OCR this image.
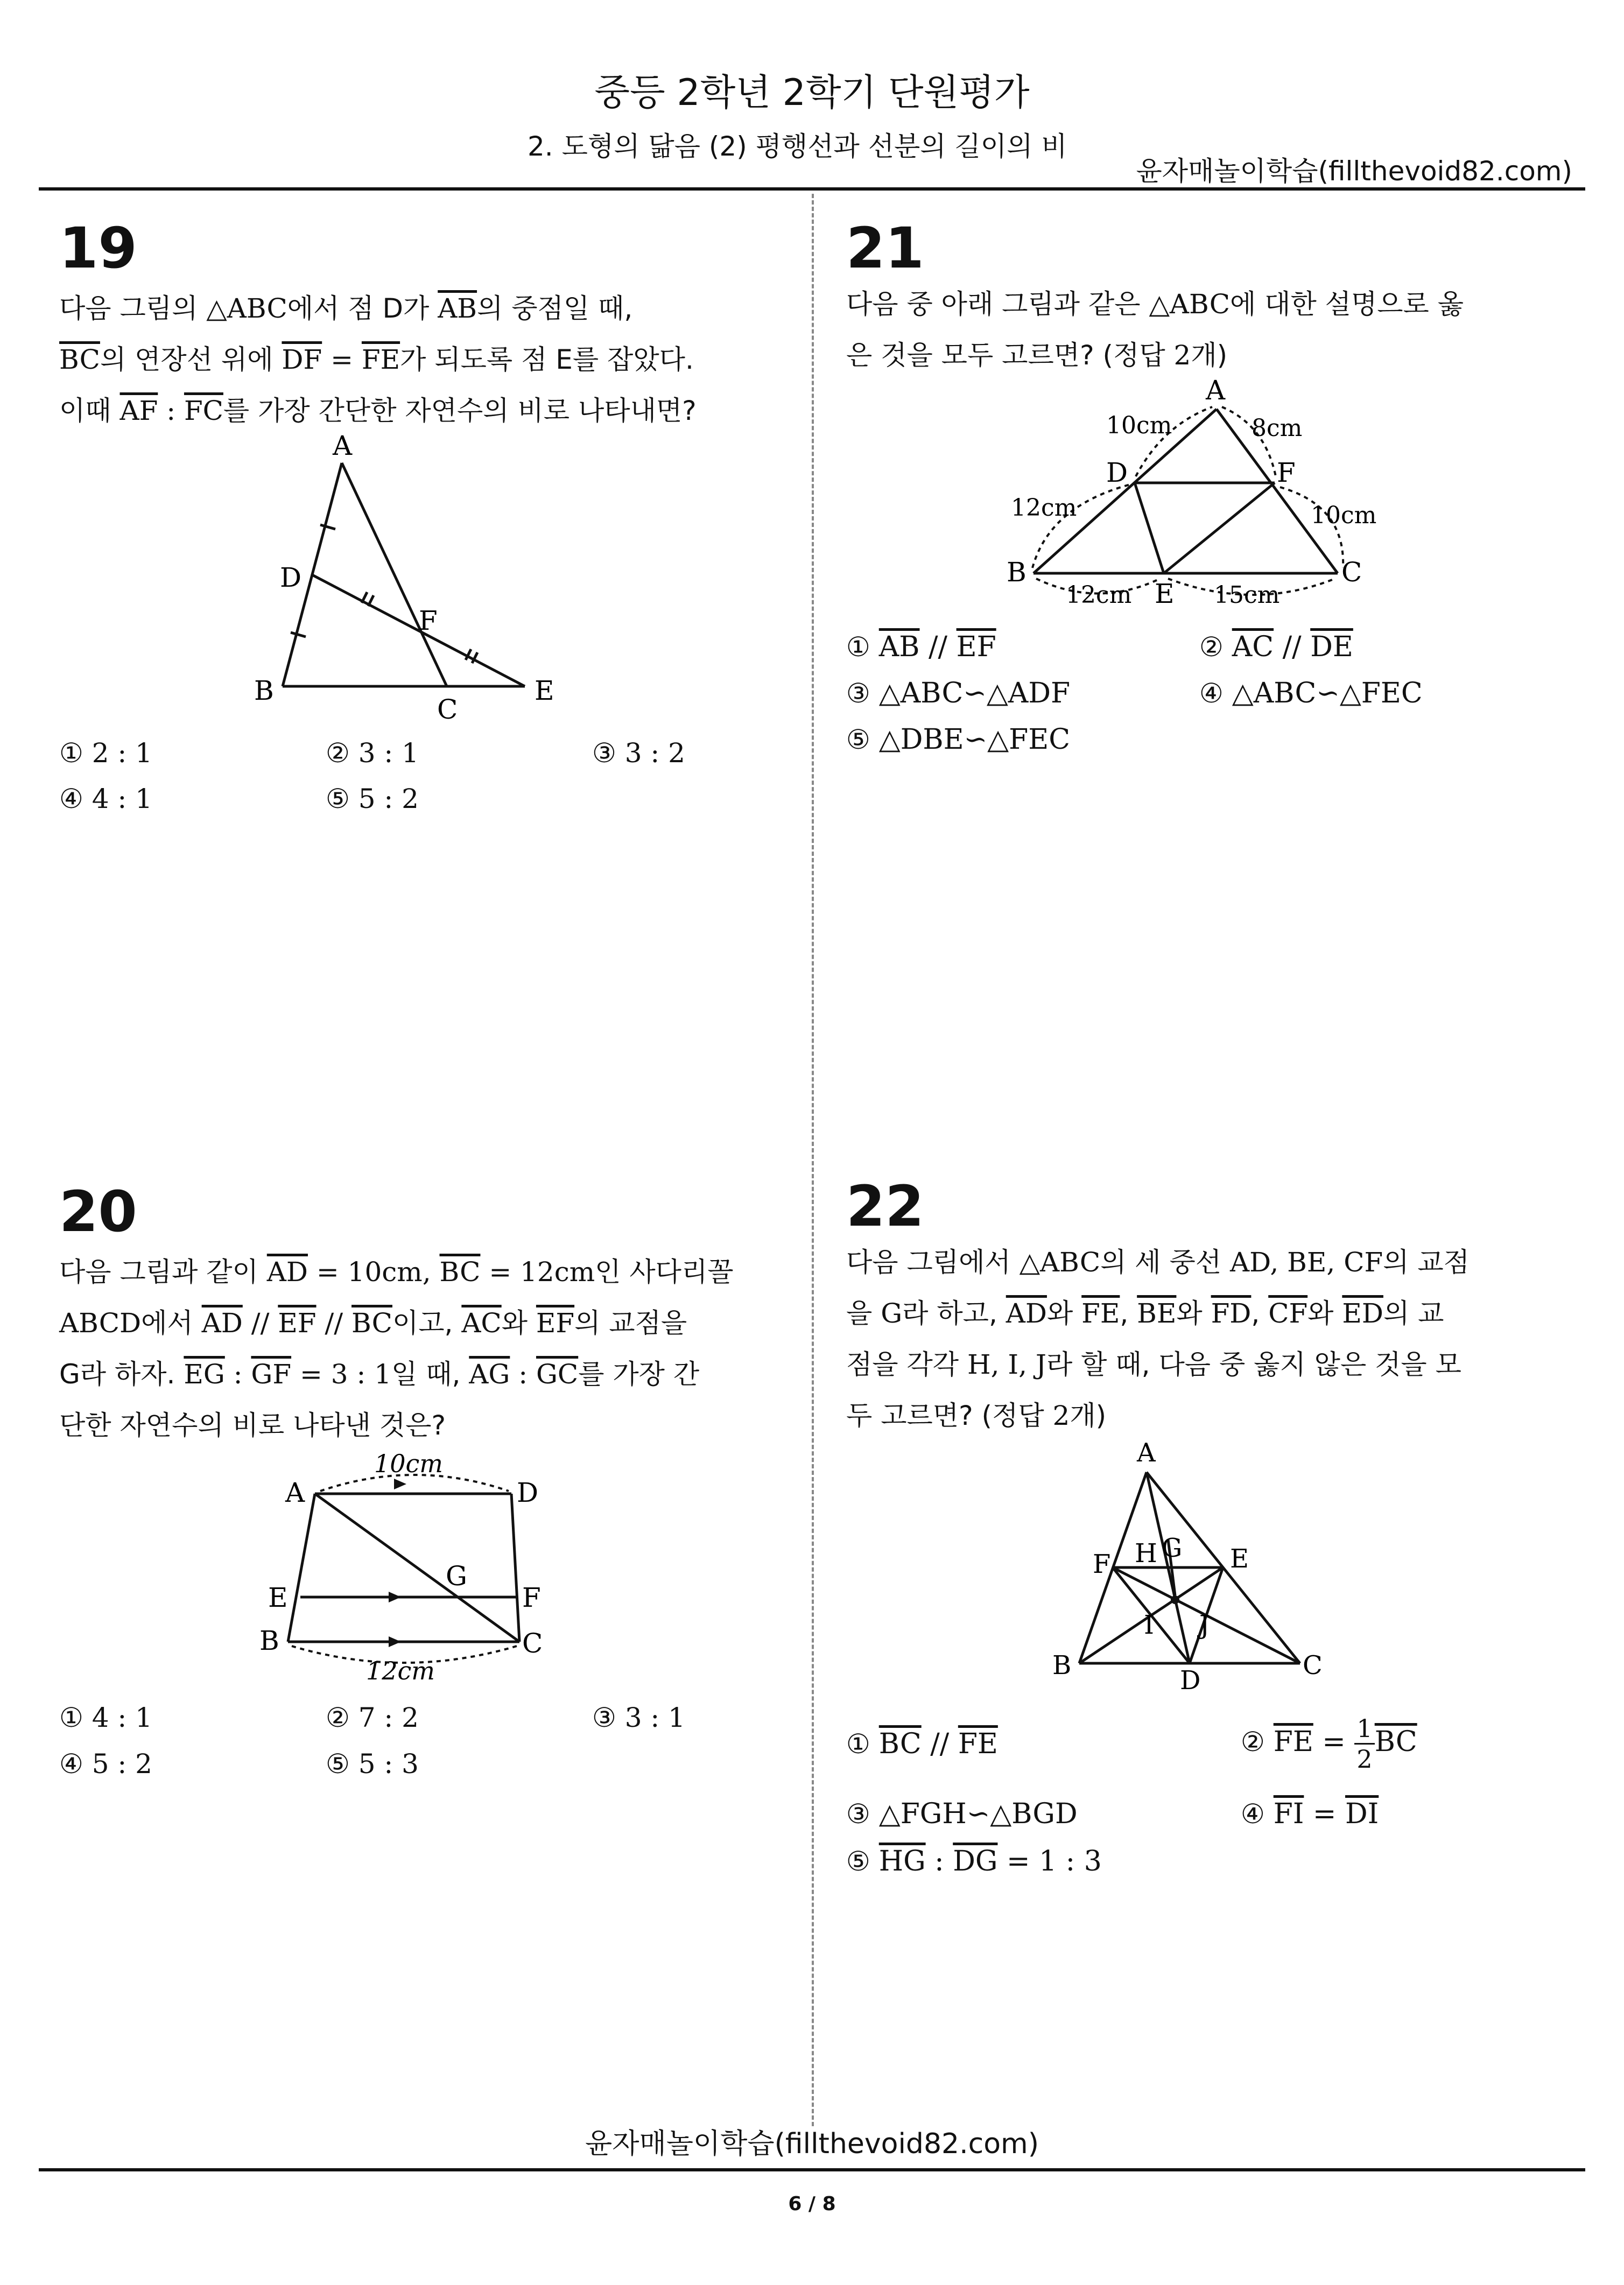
중등 2학년 2학기 단원평가
2. 도형의 닮음 (2) 평행선과 선분의 길이의 비
윤자매놀이학습(fillthevoid82.com)
19
다음 그림의 △ABC에서 점 D가 $\overline{AB}$의 중점일 때,
$\overline{BC}$의 연장선 위에 $\overline{DF} = \overline{FE}$가 되도록 점 E를 잡았다.
이때 $\overline{AF}$ : $\overline{FC}$를 가장 간단한 자연수의 비로 나타내면?
A
D
F
B
C
E
① 2 : 1	② 3 : 1	③ 3 : 2
④ 4 : 1	⑤ 5 : 2
20
다음 그림과 같이 $\overline{AD} = 10cm$, $\overline{BC} = 12cm$인 사다리꼴
ABCD에서 $\overline{AD} // \overline{EF} // \overline{BC}$이고, $\overline{AC}$와 $\overline{EF}$의 교점을
G라 하자. $\overline{EG}$ : $\overline{GF} = 3$ : 1일 때, $\overline{AG}$ : $\overline{GC}$를 가장 간
단한 자연수의 비로 나타낸 것은?
A	D
E	F
G
B	C
10cm
12cm
① 4 : 1	② 7 : 2	③ 3 : 1
④ 5 : 2	⑤ 5 : 3
21
다음 중 아래 그림과 같은 △ABC에 대한 설명으로 옳
은 것을 모두 고르면? (정답 2개)
A
D	F
B
E
C
10cm	8cm
12cm	10cm
12cm	15cm
① $\overline{AB} // \overline{EF}$	② $\overline{AC} // \overline{DE}$
③ △ABC∽△ADF	④ △ABC∽△FEC
⑤ △DBE∽△FEC
22
다음 그림에서 △ABC의 세 중선 AD, BE, CF의 교점
을 G라 하고, $\overline{AD}$와 $\overline{FE}$, $\overline{BE}$와 $\overline{FD}$, $\overline{CF}$와 $\overline{ED}$의 교
점을 각각 H, I, J라 할 때, 다음 중 옳지 않은 것을 모
두 고르면? (정답 2개)
A
F H G E
I J
B	D	C
① $\overline{BC} // \overline{FE}$	② $\overline{FE} = \frac{1}{2} \overline{BC}$
③ △FGH∽△BGD	④ $\overline{FI} = \overline{DI}$
⑤ $\overline{HG}$ : $\overline{DG} = 1$ : 3
윤자매놀이학습(fillthevoid82.com)
6 / 8
